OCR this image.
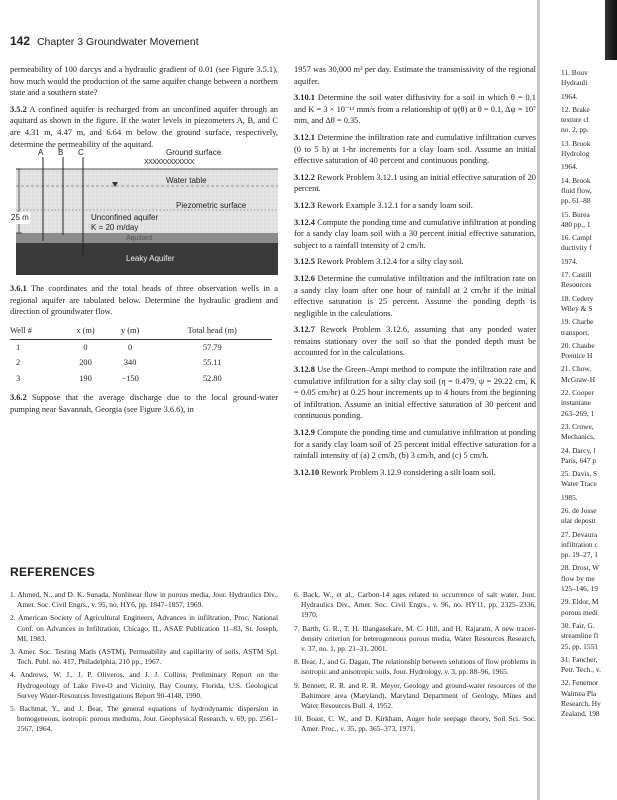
142 Chapter 3 Groundwater Movement

permeability of 100 darcys and a hydraulic gradient of 0.01 (see Figure 3.5.1), how much would the production of the same aquifer change between a northern state and a southern state?

3.5.2 A confined aquifer is recharged from an unconfined aquifer through an aquitard as shown in the figure. If the water levels in piezometers A, B, and C are 4.31 m, 4.47 m, and 6.64 m below the ground surface, respectively, determine the permeability of the aquitard.

A B C	Ground surface
XXXXXXXXXXXX
Water table
Piezometric surface
25 m	Unconfined aquifer
K = 20 m/day
Aquitard
Leaky Aquifer

3.6.1 The coordinates and the total heads of three observation wells in a regional aquifer are tabulated below. Determine the hydraulic gradient and direction of groundwater flow.

Well #	x (m)	y (m)	Total head (m)
1	0	0	57.79
2	200	340	55.11
3	190	−150	52.80

3.6.2 Suppose that the average discharge due to the local ground-water pumping near Savannah, Georgia (see Figure 3.6.6), in

1957 was 30,000 m³ per day. Estimate the transmissivity of the regional aquifer.

3.10.1 Determine the soil water diffusivity for a soil in which θ = 0.1 and K = 3 × 10⁻¹¹ mm/s from a relationship of ψ(θ) at θ = 0.1, Δψ = 10⁷ mm, and Δθ = 0.35.

3.12.1 Determine the infiltration rate and cumulative infiltration curves (0 to 5 h) at 1-hr increments for a clay loam soil. Assume an initial effective saturation of 40 percent and continuous ponding.

3.12.2 Rework Problem 3.12.1 using an initial effective saturation of 20 percent.

3.12.3 Rework Example 3.12.1 for a sandy loam soil.

3.12.4 Compute the ponding time and cumulative infiltration at ponding for a sandy clay loam soil with a 30 percent initial effective saturation, subject to a rainfall intensity of 2 cm/h.

3.12.5 Rework Problem 3.12.4 for a silty clay soil.

3.12.6 Determine the cumulative infiltration and the infiltration rate on a sandy clay loam after one hour of rainfall at 2 cm/hr if the initial effective saturation is 25 percent. Assume the ponding depth is negligible in the calculations.

3.12.7 Rework Problem 3.12.6, assuming that any ponded water remains stationary over the soil so that the ponded depth must be accounted for in the calculations.

3.12.8 Use the Green–Ampt method to compute the infiltration rate and cumulative infiltration for a silty clay soil (η = 0.479, ψ = 29.22 cm, K = 0.05 cm/hr) at 0.25 hour increments up to 4 hours from the beginning of infiltration. Assume an initial effective saturation of 30 percent and continuous ponding.

3.12.9 Compute the ponding time and cumulative infiltration at ponding for a sandy clay loam soil of 25 percent initial effective saturation for a rainfall intensity of (a) 2 cm/h, (b) 3 cm/h, and (c) 5 cm/h.

3.12.10 Rework Problem 3.12.9 considering a silt loam soil.

REFERENCES

1. Ahmed, N., and D. K. Sunada, Nonlinear flow in porous media, Jour. Hydraulics Div., Amer. Soc. Civil Engrs., v. 95, no. HY6, pp. 1847–1857, 1969.

2. American Society of Agricultural Engineers, Advances in infiltration, Proc. National Conf. on Advances in Infiltration, Chicago, IL, ASAE Publication 11–83, St. Joseph, MI, 1983.

3. Amer. Soc. Testing Matls (ASTM), Permeability and capillarity of soils, ASTM Spl. Tech. Publ. no. 417, Philadelphia, 210 pp., 1967.

4. Andrews, W. J., J. P. Oliveros, and J. J. Collins, Preliminary Report on the Hydrogeology of Lake Five-O and Vicinity, Bay County, Florida, U.S. Geological Survey Water-Resources Investigations Report 90-4148, 1990.

5. Bachmat, Y., and J. Bear, The general equations of hydrodynamic dispersion in homogeneous, isotropic porous mediums, Jour. Geophysical Research, v. 69, pp. 2561–2567, 1964.

6. Back, W., et al., Carbon-14 ages related to occurrence of salt water, Jour. Hydraulics Div., Amer. Soc. Civil Engrs., v. 96, no. HY11, pp. 2325–2336, 1970.

7. Barth, G. R., T. H. Illangasekare, M. C. Hill, and H. Rajaram, A new tracer-density criterion for heterogeneous porous media, Water Resources Research, v. 37, no. 1, pp. 21–31, 2001.

8. Bear, J., and G. Dagan, The relationship between solutions of flow problems in isotropic and anisotropic soils, Jour. Hydrology, v. 3, pp. 88–96, 1965.

9. Bennett, R. R. and R. R. Meyer, Geology and ground-water resources of the Baltimore area (Maryland), Maryland Department of Geology, Mines and Water Resources Bull. 4, 1952.

10. Boast, C. W., and D. Kirkham, Auger hole seepage theory, Soil Sci. Soc. Amer. Proc., v. 35, pp. 365–373, 1971.

11. Bouv
Hydrauli
1964.
12. Brake
texture cl
no. 2, pp.
13. Brook
Hydrolog
1964.
14. Brook
fluid flow,
pp. 61–88
15. Burea
480 pp., 1
16. Campl
ductivity f
1974.
17. Castill
Resources
18. Cedery
Wiley & S
19. Charbe
transport,
20. Chaube
Prentice H
21. Chow,
McGraw-H
22. Cooper
instantane
263–269, 1
23. Crowe,
Mechanics,
24. Darcy, l
Paris, 647 p
25. Davis, S
Water Trace
1985.
26. de Josse
ular deposit
27. Devaura
infiltration c
pp. 19–27, 1
28. Drost, W
flow by me
125–146, 19
29. Eldor, M
porous medi
30. Fair, G.
streamline fl
25, pp. 1551
31. Fancher,
Petr. Tech., v.
32. Fenemor
Waimea Pla
Research, Hy
Zealand, 198
